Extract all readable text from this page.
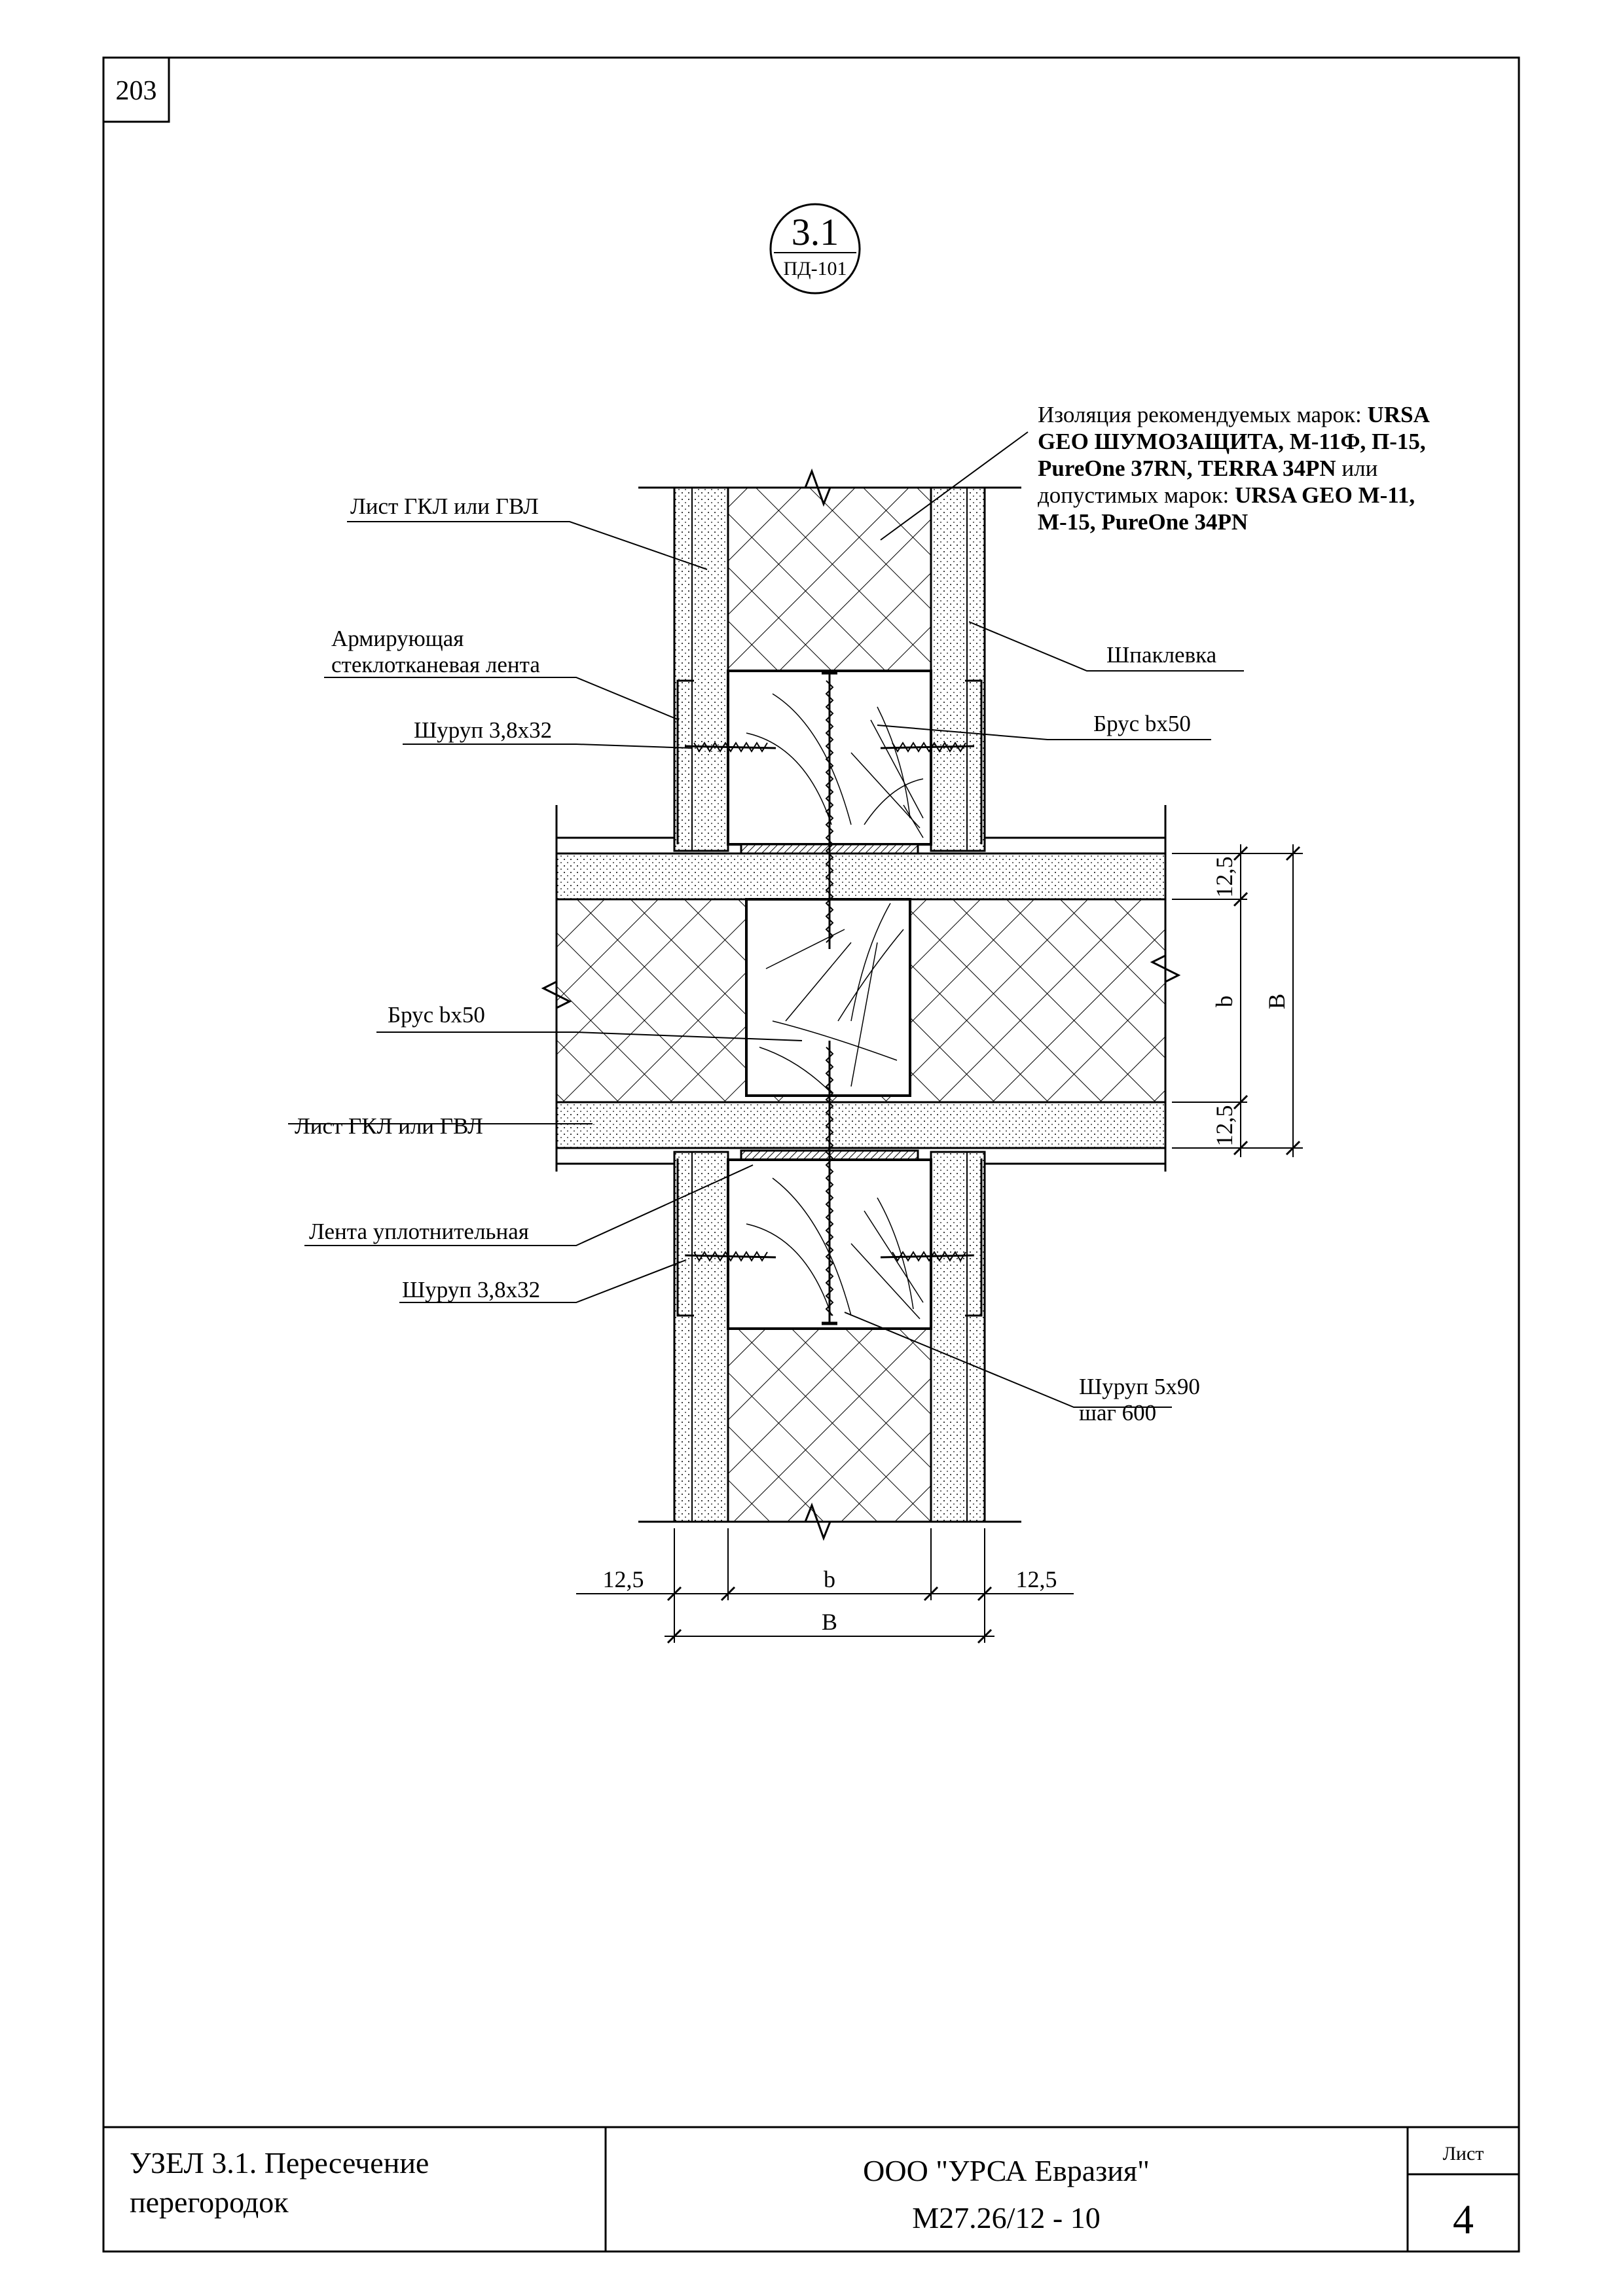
203
3.1
ПД-101
Изоляция рекомендуемых марок: URSA
GEO ШУМОЗАЩИТА, М-11Ф, П-15,
PureOne 37RN, TERRA 34PN или
допустимых марок: URSA GEO М-11,
М-15, PureOne 34PN
Лист ГКЛ или ГВЛ
Армирующая
стеклотканевая лента
Шуруп 3,8х32
Шпаклевка
Брус bх50
Брус bх50
Лист ГКЛ или ГВЛ
Лента уплотнительная
Шуруп 3,8х32
Шуруп 5х90
шаг 600
12,5
b B
12,5
12,5	b	12,5
B
УЗЕЛ 3.1. Пересечение
перегородок
ООО "УРСА Евразия"
М27.26/12 - 10
Лист
4
